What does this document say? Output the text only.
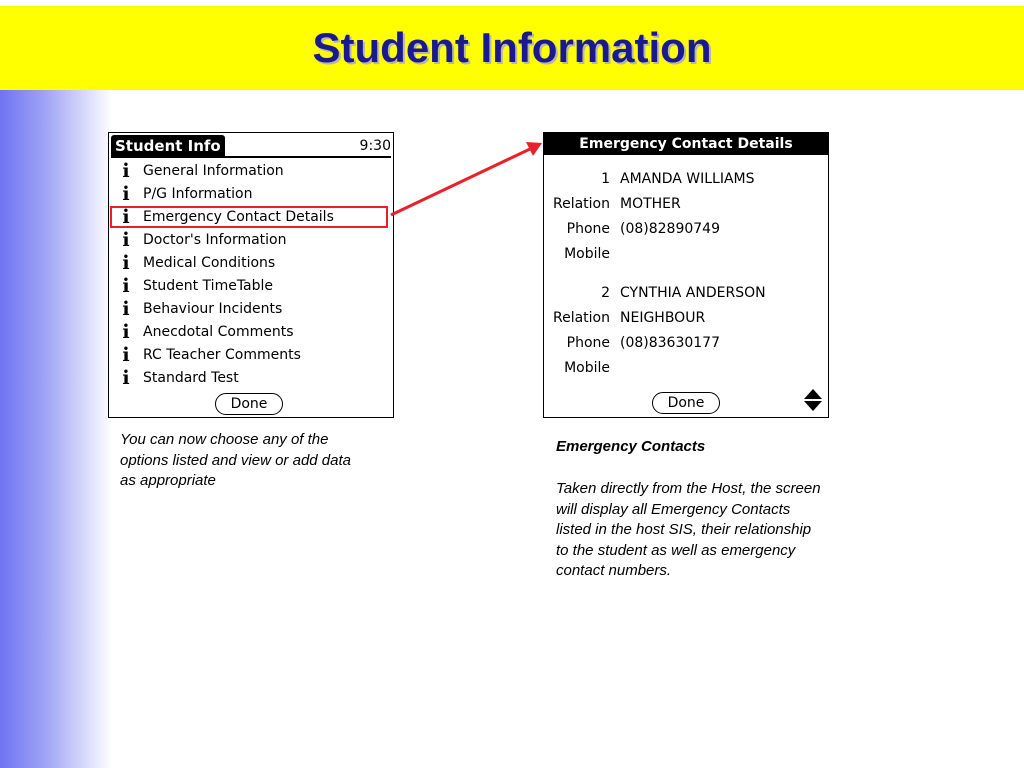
Student Information
Student Info	9:30
i General Information
i P/G Information
i Emergency Contact Details
i Doctor's Information
i Medical Conditions
i Student TimeTable
i Behaviour Incidents
i Anecdotal Comments
i RC Teacher Comments
i Standard Test
Done
Emergency Contact Details
1 AMANDA WILLIAMS
Relation MOTHER
Phone (08)82890749
Mobile
2 CYNTHIA ANDERSON
Relation NEIGHBOUR
Phone (08)83630177
Mobile
Done
You can now choose any of the options listed and view or add data as appropriate
Emergency Contacts
Taken directly from the Host, the screen will display all Emergency Contacts listed in the host SIS, their relationship to the student as well as emergency contact numbers.
